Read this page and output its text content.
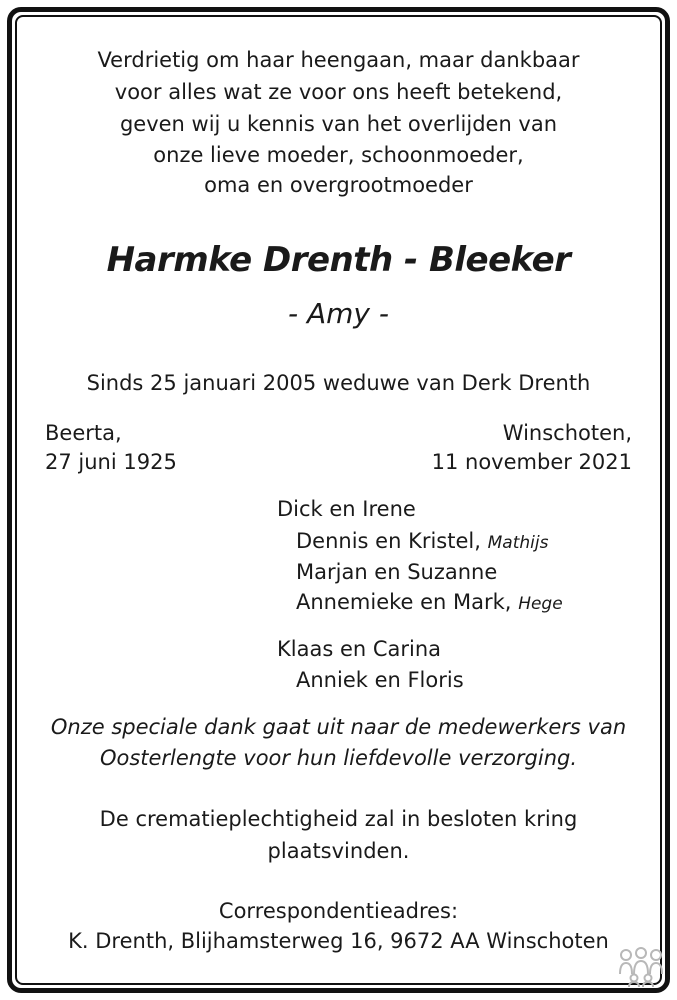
Verdrietig om haar heengaan, maar dankbaar
voor alles wat ze voor ons heeft betekend,
geven wij u kennis van het overlijden van
onze lieve moeder, schoonmoeder,
oma en overgrootmoeder
Harmke Drenth - Bleeker
- Amy -
Sinds 25 januari 2005 weduwe van Derk Drenth
Beerta,
27 juni 1925
Winschoten,
11 november 2021
Dick en Irene
Dennis en Kristel, Mathijs
Marjan en Suzanne
Annemieke en Mark, Hege
Klaas en Carina
Anniek en Floris
Onze speciale dank gaat uit naar de medewerkers van
Oosterlengte voor hun liefdevolle verzorging.
De crematieplechtigheid zal in besloten kring
plaatsvinden.
Correspondentieadres:
K. Drenth, Blijhamsterweg 16, 9672 AA Winschoten
